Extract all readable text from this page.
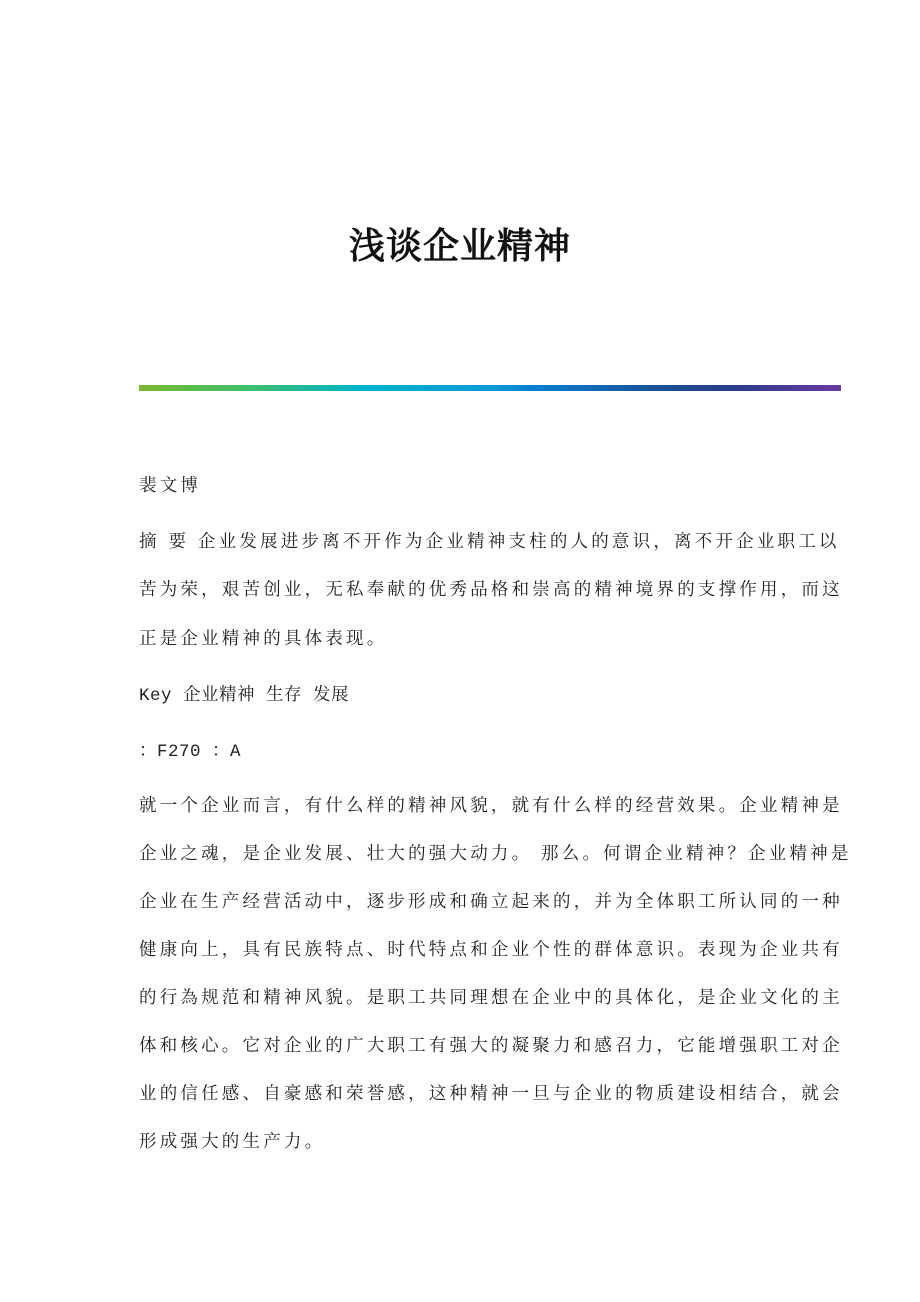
浅谈企业精神
裴文博
摘 要 企业发展进步离不开作为企业精神支柱的人的意识，离不开企业职工以
苦为荣，艰苦创业，无私奉献的优秀品格和崇高的精神境界的支撑作用，而这
正是企业精神的具体表现。
Key 企业精神 生存 发展
：F270 ：A
就一个企业而言，有什么样的精神风貌，就有什么样的经营效果。企业精神是
企业之魂，是企业发展、壮大的强大动力。 那么。何谓企业精神？企业精神是
企业在生产经营活动中，逐步形成和确立起来的，并为全体职工所认同的一种
健康向上，具有民族特点、时代特点和企业个性的群体意识。表现为企业共有
的行為规范和精神风貌。是职工共同理想在企业中的具体化，是企业文化的主
体和核心。它对企业的广大职工有强大的凝聚力和感召力，它能增强职工对企
业的信任感、自豪感和荣誉感，这种精神一旦与企业的物质建设相结合，就会
形成强大的生产力。
